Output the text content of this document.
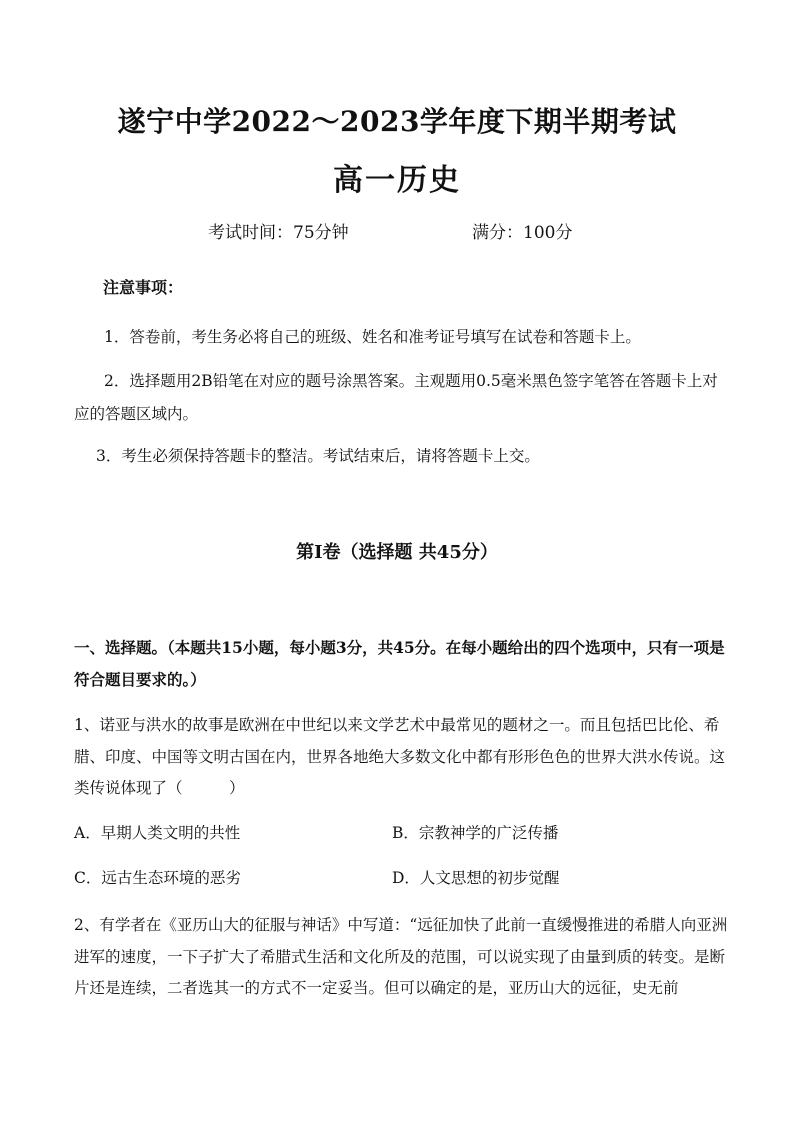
遂宁中学2022～2023学年度下期半期考试
高一历史
考试时间：75分钟	满分：100分
注意事项：
1．答卷前，考生务必将自己的班级、姓名和准考证号填写在试卷和答题卡上。
2．选择题用2B铅笔在对应的题号涂黑答案。主观题用0.5毫米黑色签字笔答在答题卡上对应的答题区域内。
3．考生必须保持答题卡的整洁。考试结束后，请将答题卡上交。
第Ⅰ卷（选择题 共45分）
一、选择题。（本题共15小题，每小题3分，共45分。在每小题给出的四个选项中，只有一项是符合题目要求的。）
1、诺亚与洪水的故事是欧洲在中世纪以来文学艺术中最常见的题材之一。而且包括巴比伦、希腊、印度、中国等文明古国在内，世界各地绝大多数文化中都有形形色色的世界大洪水传说。这类传说体现了（　　　）
A．早期人类文明的共性	B．宗教神学的广泛传播
C．远古生态环境的恶劣	D．人文思想的初步觉醒
2、有学者在《亚历山大的征服与神话》中写道：“远征加快了此前一直缓慢推进的希腊人向亚洲进军的速度，一下子扩大了希腊式生活和文化所及的范围，可以说实现了由量到质的转变。是断片还是连续，二者选其一的方式不一定妥当。但可以确定的是，亚历山大的远征，史无前
